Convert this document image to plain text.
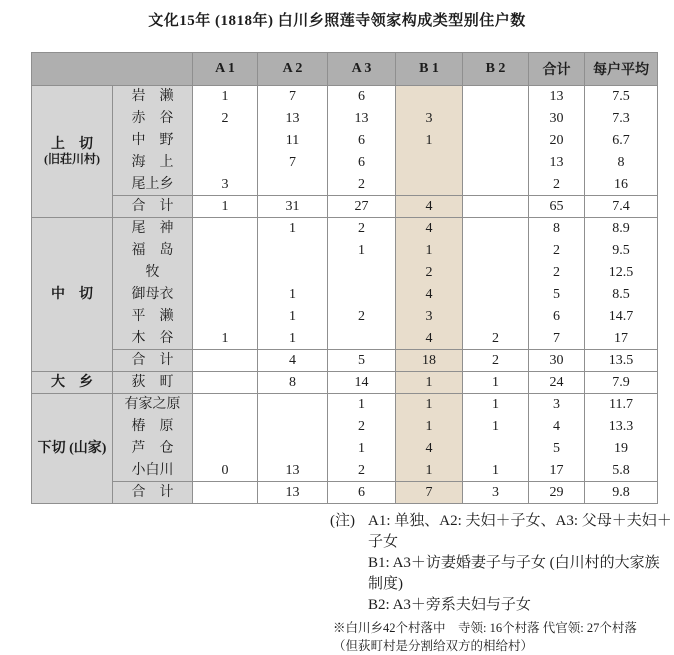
文化15年 (1818年) 白川乡照莲寺领家构成类型别住户数
		A 1	A 2	A 3	B 1	B 2	合计	每户平均

上　切
(旧荘川村)	岩　濑	1	7	6			13	7.5
	赤　谷	2	13	13	3		30	7.3
	中　野		11	6	1		20	6.7
	海　上		7	6			13	8
	尾上乡	3		2			2	16
	合　计	1	31	27	4		65	7.4

中　切	尾　神		1	2	4		8	8.9
	福　岛			1	1		2	9.5
	牧				2		2	12.5
	御母衣		1		4		5	8.5
	平　濑		1	2	3		6	14.7
	木　谷	1	1		4	2	7	17
	合　计		4	5	18	2	30	13.5

大　乡	荻　町		8	14	1	1	24	7.9

下切 (山家)	有家之原			1	1	1	3	11.7
	椿　原			2	1	1	4	13.3
	芦　仓			1	4		5	19
	小白川	0	13	2	1	1	17	5.8
	合　计		13	6	7	3	29	9.8
(注) A1: 单独、A2: 夫妇＋子女、A3: 父母＋夫妇＋子女
B1: A3＋访妻婚妻子与子女 (白川村的大家族制度)
B2: A3＋旁系夫妇与子女
※白川乡42个村落中　寺领: 16个村落 代官领: 27个村落
（但荻町村是分割给双方的相给村）
